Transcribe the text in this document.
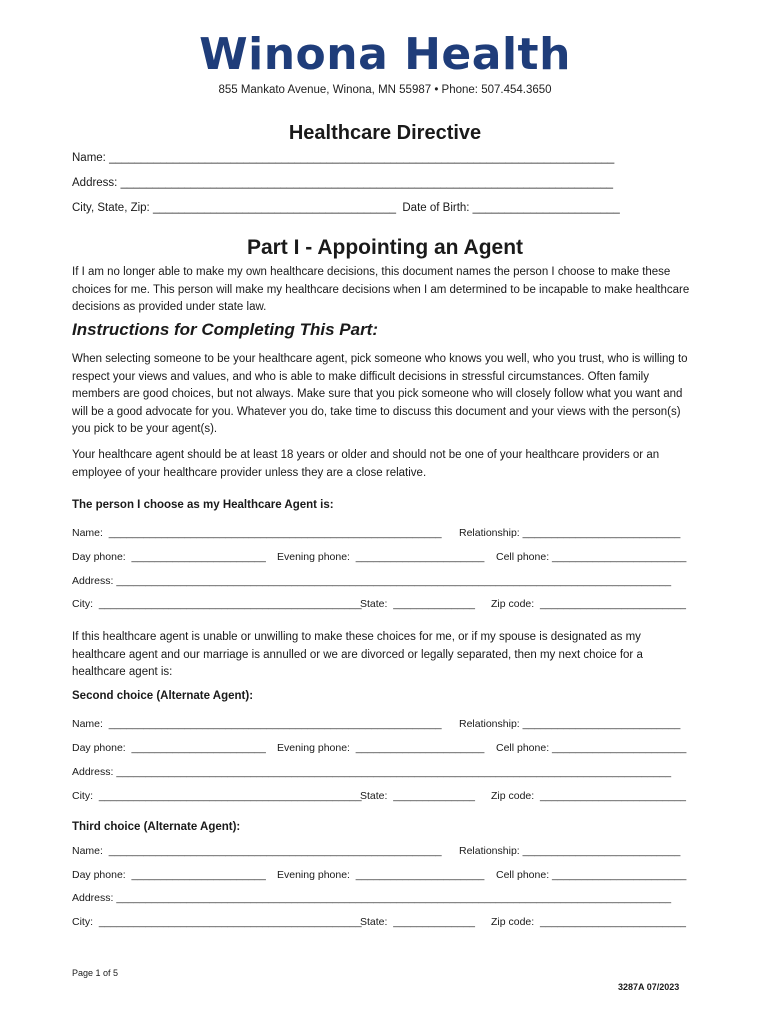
Winona Health
855 Mankato Avenue, Winona, MN 55987 • Phone: 507.454.3650
Healthcare Directive
Name: _______________________________________________________________________________
Address: _____________________________________________________________________________
City, State, Zip: ______________________________________  Date of Birth: _______________________
Part I - Appointing an Agent
If I am no longer able to make my own healthcare decisions, this document names the person I choose to make these choices for me. This person will make my healthcare decisions when I am determined to be incapable to make healthcare decisions as provided under state law.
Instructions for Completing This Part:
When selecting someone to be your healthcare agent, pick someone who knows you well, who you trust, who is willing to respect your views and values, and who is able to make difficult decisions in stressful circumstances. Often family members are good choices, but not always. Make sure that you pick someone who will closely follow what you want and will be a good advocate for you. Whatever you do, take time to discuss this document and your views with the person(s) you pick to be your agent(s).
Your healthcare agent should be at least 18 years or older and should not be one of your healthcare providers or an employee of your healthcare provider unless they are a close relative.
The person I choose as my Healthcare Agent is:
Name:  _________________________________________________________ Relationship: ___________________________
Day phone:  _______________________ Evening phone:  ______________________ Cell phone: _______________________
Address: _______________________________________________________________________________________________
City:  _____________________________________________
State:  ______________ Zip code:  _________________________
If this healthcare agent is unable or unwilling to make these choices for me, or if my spouse is designated as my healthcare agent and our marriage is annulled or we are divorced or legally separated, then my next choice for a healthcare agent is:
Second choice (Alternate Agent):
Name:  _________________________________________________________ Relationship: ___________________________
Day phone:  _______________________ Evening phone:  ______________________ Cell phone: _______________________
Address: _______________________________________________________________________________________________
City:  _____________________________________________
State:  ______________ Zip code:  _________________________
Third choice (Alternate Agent):
Name:  _________________________________________________________ Relationship: ___________________________
Day phone:  _______________________ Evening phone:  ______________________ Cell phone: _______________________
Address: _______________________________________________________________________________________________
City:  _____________________________________________
State:  ______________ Zip code:  _________________________
Page 1 of 5
3287A 07/2023
